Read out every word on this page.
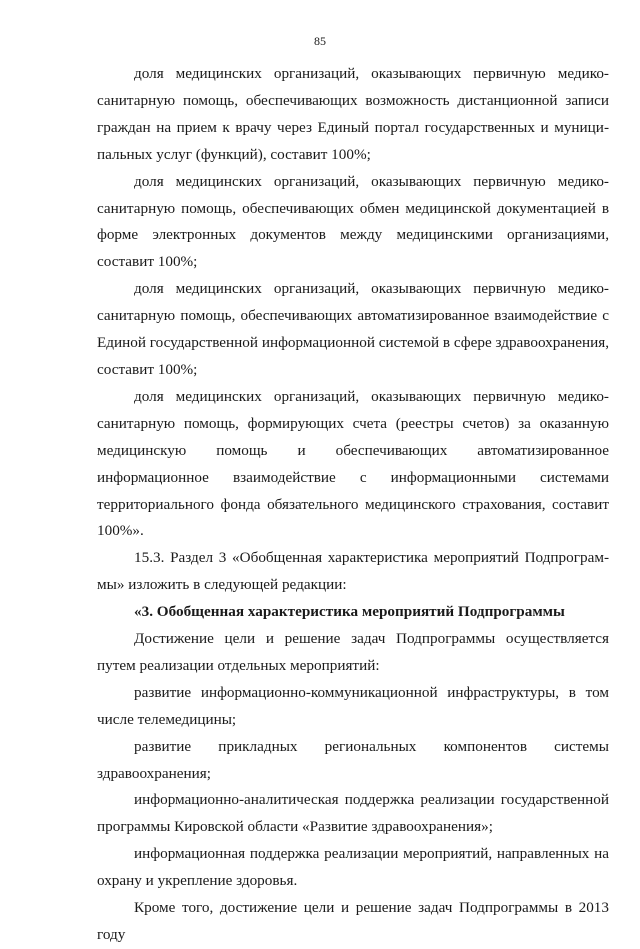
85

доля медицинских организаций, оказывающих первичную медико-санитарную помощь, обеспечивающих возможность дистанционной записи граждан на прием к врачу через Единый портал государственных и муниципальных услуг (функций), составит 100%;

доля медицинских организаций, оказывающих первичную медико-санитарную помощь, обеспечивающих обмен медицинской документацией в форме электронных документов между медицинскими организациями, составит 100%;

доля медицинских организаций, оказывающих первичную медико-санитарную помощь, обеспечивающих автоматизированное взаимодействие с Единой государственной информационной системой в сфере здравоохранения, составит 100%;

доля медицинских организаций, оказывающих первичную медико-санитарную помощь, формирующих счета (реестры счетов) за оказанную медицинскую помощь и обеспечивающих автоматизированное информационное взаимодействие с информационными системами территориального фонда обязательного медицинского страхования, составит 100%».

15.3. Раздел 3 «Обобщенная характеристика мероприятий Подпрограммы» изложить в следующей редакции:

«3. Обобщенная характеристика мероприятий Подпрограммы

Достижение цели и решение задач Подпрограммы осуществляется путем реализации отдельных мероприятий:

развитие информационно-коммуникационной инфраструктуры, в том числе телемедицины;

развитие прикладных региональных компонентов системы здравоохранения;

информационно-аналитическая поддержка реализации государственной программы Кировской области «Развитие здравоохранения»;

информационная поддержка реализации мероприятий, направленных на охрану и укрепление здоровья.

Кроме того, достижение цели и решение задач Подпрограммы в 2013 году
